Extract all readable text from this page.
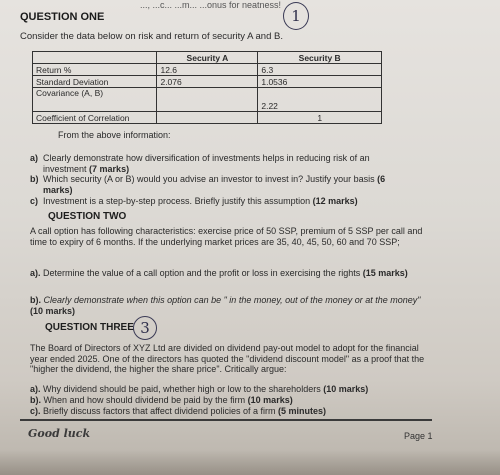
..., ...c... ...m... ...onus for neatness!
QUESTION ONE	1
Consider the data below on risk and return of security A and B.
	Security A	Security B
Return %	12.6	6.3
Standard Deviation	2.076	1.0536
Covariance (A, B)		2.22
Coefficient of Correlation		1
From the above information:
a) Clearly demonstrate how diversification of investments helps in reducing risk of an investment (7 marks)
b) Which security (A or B) would you advise an investor to invest in? Justify your basis (6 marks)
c) Investment is a step-by-step process. Briefly justify this assumption (12 marks)
QUESTION TWO
A call option has following characteristics: exercise price of 50 SSP, premium of 5 SSP per call and time to expiry of 6 months. If the underlying market prices are 35, 40, 45, 50, 60 and 70 SSP;
a). Determine the value of a call option and the profit or loss in exercising the rights (15 marks)
b). Clearly demonstrate when this option can be " in the money, out of the money or at the money" (10 marks)
QUESTION THREE 3
The Board of Directors of XYZ Ltd are divided on dividend pay-out model to adopt for the financial year ended 2025. One of the directors has quoted the "dividend discount model" as a proof that the "higher the dividend, the higher the share price". Critically argue:
a). Why dividend should be paid, whether high or low to the shareholders (10 marks)
b). When and how should dividend be paid by the firm (10 marks)
c). Briefly discuss factors that affect dividend policies of a firm (5 minutes)
Good luck	Page 1
